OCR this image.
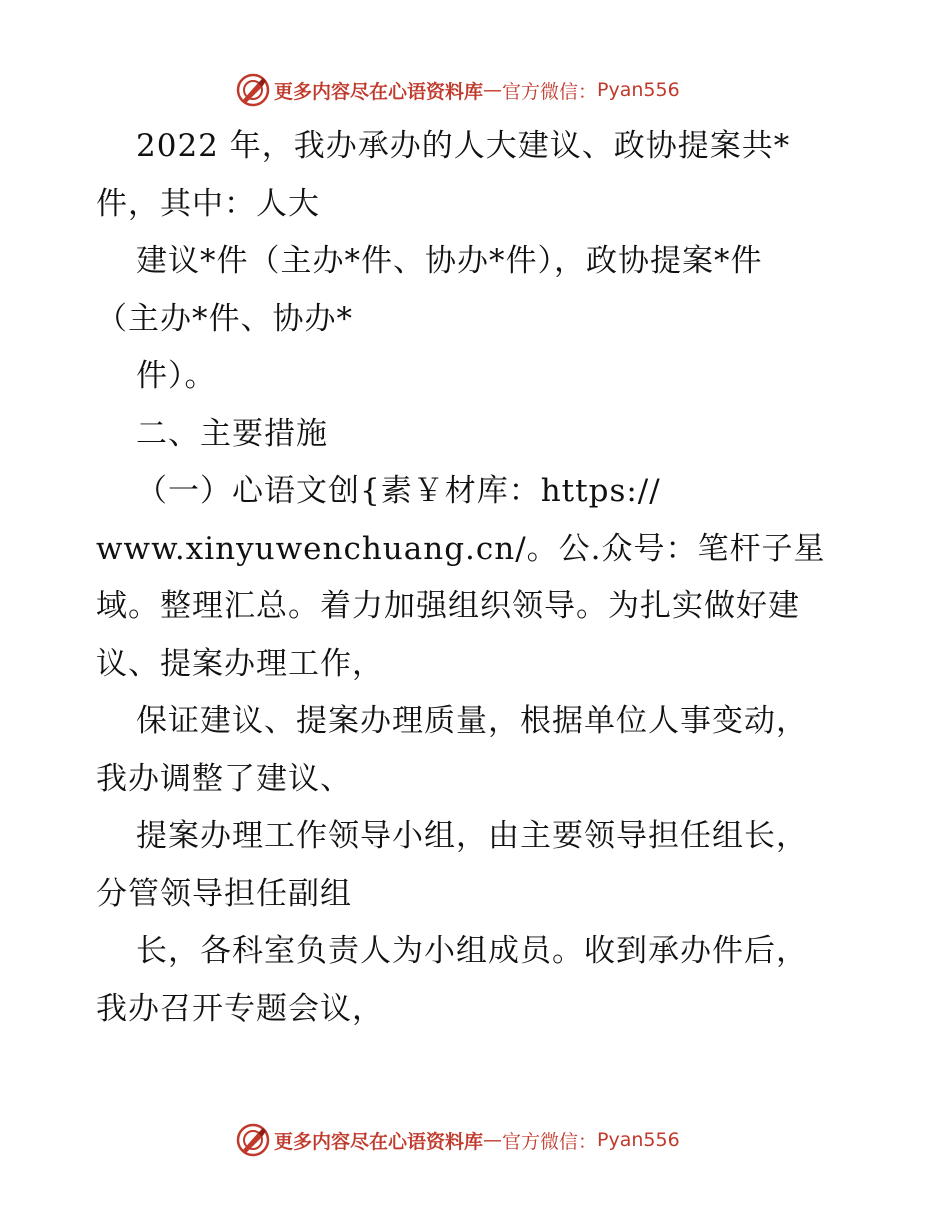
更多内容尽在心语资料库 — 官方微信： Pyan556
2022 年，我办承办的人大建议、政协提案共*
件，其中：人大
建议*件（主办*件、协办*件），政协提案*件
（主办*件、协办*
件）。
二、主要措施
（一）心语文创{素￥材库：https://
www.xinyuwenchuang.cn/。公.众号：笔杆子星
域。整理汇总。着力加强组织领导。为扎实做好建
议、提案办理工作，
保证建议、提案办理质量，根据单位人事变动，
我办调整了建议、
提案办理工作领导小组，由主要领导担任组长，
分管领导担任副组
长，各科室负责人为小组成员。收到承办件后，
我办召开专题会议，
更多内容尽在心语资料库 — 官方微信： Pyan556
